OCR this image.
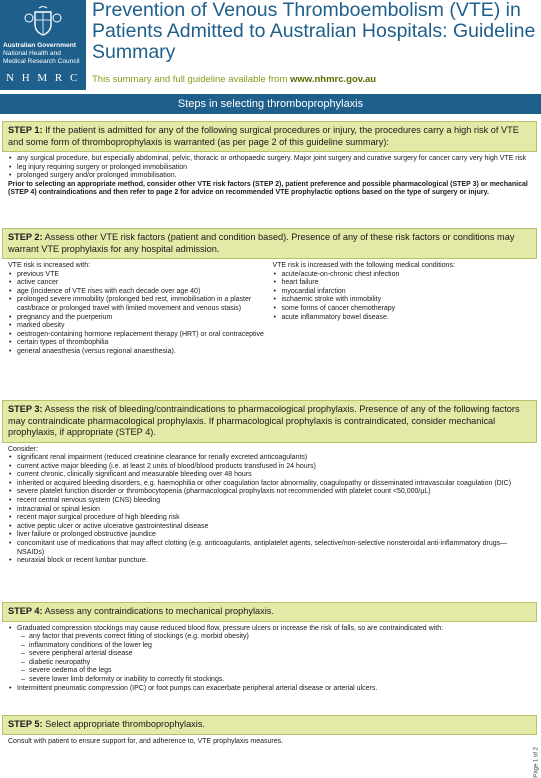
Australian Government
National Health and Medical Research Council
N H M R C
Prevention of Venous Thromboembolism (VTE) in Patients Admitted to Australian Hospitals: Guideline Summary
This summary and full guideline available from www.nhmrc.gov.au
Steps in selecting thromboprophylaxis
STEP 1: If the patient is admitted for any of the following surgical procedures or injury, the procedures carry a high risk of VTE and some form of thromboprophylaxis is warranted (as per page 2 of this guideline summary):
• any surgical procedure, but especially abdominal, pelvic, thoracic or orthopaedic surgery. Major joint surgery and curative surgery for cancer carry very high VTE risk
• leg injury requiring surgery or prolonged immobilisation
• prolonged surgery and/or prolonged immobilisation.
Prior to selecting an appropriate method, consider other VTE risk factors (STEP 2), patient preference and possible pharmacological (STEP 3) or mechanical (STEP 4) contraindications and then refer to page 2 for advice on recommended VTE prophylactic options based on the type of surgery or injury.
STEP 2: Assess other VTE risk factors (patient and condition based). Presence of any of these risk factors or conditions may warrant VTE prophylaxis for any hospital admission.
VTE risk is increased with:
• previous VTE
• active cancer
• age (incidence of VTE rises with each decade over age 40)
• prolonged severe immobility (prolonged bed rest, immobilisation in a plaster cast/brace or prolonged travel with limited movement and venous stasis)
• pregnancy and the puerperium
• marked obesity
• oestrogen-containing hormone replacement therapy (HRT) or oral contraceptive
• certain types of thrombophilia
• general anaesthesia (versus regional anaesthesia).
VTE risk is increased with the following medical conditions:
• acute/acute-on-chronic chest infection
• heart failure
• myocardial infarction
• ischaemic stroke with immobility
• some forms of cancer chemotherapy
• acute inflammatory bowel disease.
STEP 3: Assess the risk of bleeding/contraindications to pharmacological prophylaxis. Presence of any of the following factors may contraindicate pharmacological prophylaxis. If pharmacological prophylaxis is contraindicated, consider mechanical prophylaxis, if appropriate (STEP 4).
Consider:
• significant renal impairment (reduced creatinine clearance for renally excreted anticoagulants)
• current active major bleeding (i.e. at least 2 units of blood/blood products transfused in 24 hours)
• current chronic, clinically significant and measurable bleeding over 48 hours
• inherited or acquired bleeding disorders, e.g. haemophilia or other coagulation factor abnormality, coagulopathy or disseminated intravascular coagulation (DIC)
• severe platelet function disorder or thrombocytopenia (pharmacological prophylaxis not recommended with platelet count <50,000/μL)
• recent central nervous system (CNS) bleeding
• intracranial or spinal lesion
• recent major surgical procedure of high bleeding risk
• active peptic ulcer or active ulcerative gastrointestinal disease
• liver failure or prolonged obstructive jaundice
• concomitant use of medications that may affect clotting (e.g. anticoagulants, antiplatelet agents, selective/non-selective nonsteroidal anti-inflammatory drugs—NSAIDs)
• neuraxial block or recent lumbar puncture.
STEP 4: Assess any contraindications to mechanical prophylaxis.
• Graduated compression stockings may cause reduced blood flow, pressure ulcers or increase the risk of falls, so are contraindicated with:
– any factor that prevents correct fitting of stockings (e.g. morbid obesity)
– inflammatory conditions of the lower leg
– severe peripheral arterial disease
– diabetic neuropathy
– severe oedema of the legs
– severe lower limb deformity or inability to correctly fit stockings.
• Intermittent pneumatic compression (IPC) or foot pumps can exacerbate peripheral arterial disease or arterial ulcers.
STEP 5: Select appropriate thromboprophylaxis.
Consult with patient to ensure support for, and adherence to, VTE prophylaxis measures.
Page 1 of 2
